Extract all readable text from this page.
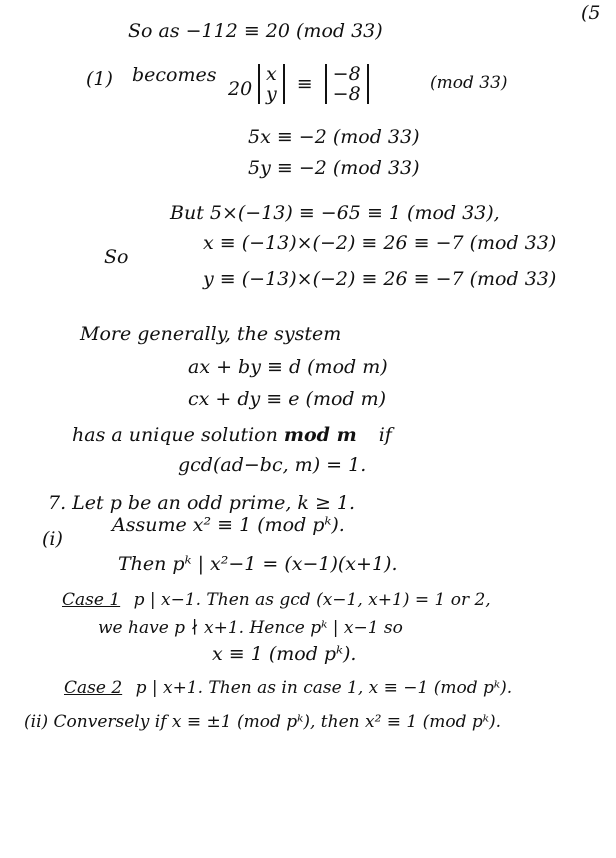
(5
So as −112 ≡ 20 (mod 33)
(1) becomes
20
x
y ≡ −8
−8	(mod 33)
5x ≡ −2 (mod 33)
5y ≡ −2 (mod 33)
But 5×(−13) ≡ −65 ≡ 1 (mod 33),
So
x ≡ (−13)×(−2) ≡ 26 ≡ −7 (mod 33)
y ≡ (−13)×(−2) ≡ 26 ≡ −7 (mod 33)
More generally, the system
ax + by ≡ d (mod m)
cx + dy ≡ e (mod m)
has a unique solution mod m if
gcd(ad−bc, m) = 1.
7. Let p be an odd prime, k ≥ 1.
(i)
Assume x² ≡ 1 (mod pᵏ).
Then pᵏ | x²−1 = (x−1)(x+1).
Case 1 p | x−1. Then as gcd (x−1, x+1) = 1 or 2,
we have p ∤ x+1. Hence pᵏ | x−1 so
x ≡ 1 (mod pᵏ).
Case 2 p | x+1. Then as in case 1, x ≡ −1 (mod pᵏ).
(ii) Conversely if x ≡ ±1 (mod pᵏ), then x² ≡ 1 (mod pᵏ).
